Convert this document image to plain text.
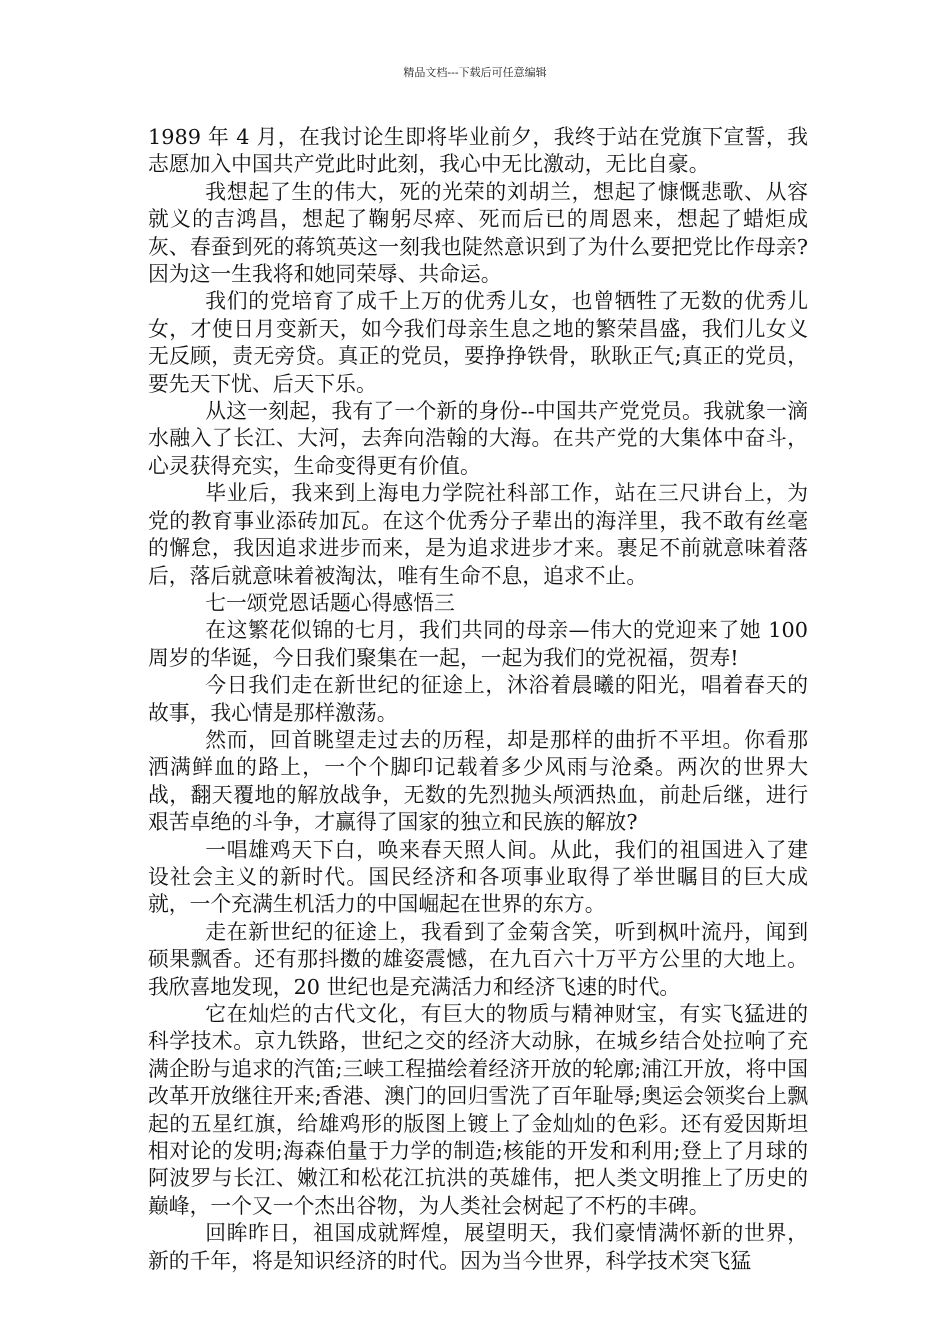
精品文档---下载后可任意编辑

1989 年 4 月，在我讨论生即将毕业前夕，我终于站在党旗下宣誓，我志愿加入中国共产党此时此刻，我心中无比激动，无比自豪。

我想起了生的伟大，死的光荣的刘胡兰，想起了慷慨悲歌、从容就义的吉鸿昌，想起了鞠躬尽瘁、死而后已的周恩来，想起了蜡炬成灰、春蚕到死的蒋筑英这一刻我也陡然意识到了为什么要把党比作母亲?因为这一生我将和她同荣辱、共命运。

我们的党培育了成千上万的优秀儿女，也曾牺牲了无数的优秀儿女，才使日月变新天，如今我们母亲生息之地的繁荣昌盛，我们儿女义无反顾，责无旁贷。真正的党员，要挣挣铁骨，耿耿正气;真正的党员，要先天下忧、后天下乐。

从这一刻起，我有了一个新的身份--中国共产党党员。我就象一滴水融入了长江、大河，去奔向浩翰的大海。在共产党的大集体中奋斗，心灵获得充实，生命变得更有价值。

毕业后，我来到上海电力学院社科部工作，站在三尺讲台上，为党的教育事业添砖加瓦。在这个优秀分子辈出的海洋里，我不敢有丝毫的懈怠，我因追求进步而来，是为追求进步才来。裹足不前就意味着落后，落后就意味着被淘汰，唯有生命不息，追求不止。

七一颂党恩话题心得感悟三

在这繁花似锦的七月，我们共同的母亲—伟大的党迎来了她 100 周岁的华诞，今日我们聚集在一起，一起为我们的党祝福，贺寿!

今日我们走在新世纪的征途上，沐浴着晨曦的阳光，唱着春天的故事，我心情是那样激荡。

然而，回首眺望走过去的历程，却是那样的曲折不平坦。你看那洒满鲜血的路上，一个个脚印记载着多少风雨与沧桑。两次的世界大战，翻天覆地的解放战争，无数的先烈抛头颅洒热血，前赴后继，进行艰苦卓绝的斗争，才赢得了国家的独立和民族的解放?

一唱雄鸡天下白，唤来春天照人间。从此，我们的祖国进入了建设社会主义的新时代。国民经济和各项事业取得了举世瞩目的巨大成就，一个充满生机活力的中国崛起在世界的东方。

走在新世纪的征途上，我看到了金菊含笑，听到枫叶流丹，闻到硕果飘香。还有那抖擞的雄姿震憾，在九百六十万平方公里的大地上。我欣喜地发现，20 世纪也是充满活力和经济飞速的时代。

它在灿烂的古代文化，有巨大的物质与精神财宝，有实飞猛进的科学技术。京九铁路，世纪之交的经济大动脉，在城乡结合处拉响了充满企盼与追求的汽笛;三峡工程描绘着经济开放的轮廓;浦江开放，将中国改革开放继往开来;香港、澳门的回归雪洗了百年耻辱;奥运会领奖台上飘起的五星红旗，给雄鸡形的版图上镀上了金灿灿的色彩。还有爱因斯坦相对论的发明;海森伯量于力学的制造;核能的开发和利用;登上了月球的阿波罗与长江、嫩江和松花江抗洪的英雄伟，把人类文明推上了历史的巅峰，一个又一个杰出谷物，为人类社会树起了不朽的丰碑。

回眸昨日，祖国成就辉煌，展望明天，我们豪情满怀新的世界，新的千年，将是知识经济的时代。因为当今世界，科学技术突飞猛
